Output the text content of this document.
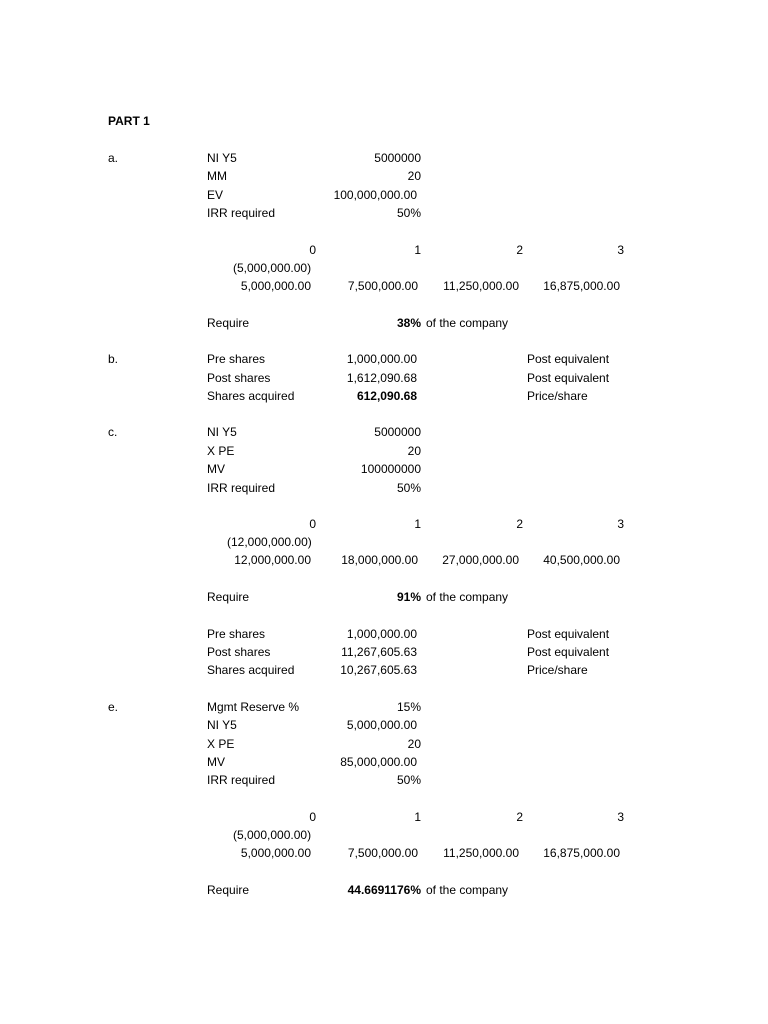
PART 1
a.	NI Y5	5000000
MM	20
EV	100,000,000.00
IRR required	50%
0	1	2	3
(5,000,000.00)
5,000,000.00	7,500,000.00	11,250,000.00	16,875,000.00
Require	38% of the company
b.	Pre shares	1,000,000.00	Post equivalent
Post shares	1,612,090.68	Post equivalent
Shares acquired	612,090.68	Price/share
c.	NI Y5	5000000
X PE	20
MV	100000000
IRR required	50%
0	1	2	3
(12,000,000.00)
12,000,000.00	18,000,000.00	27,000,000.00	40,500,000.00
Require	91% of the company
Pre shares	1,000,000.00	Post equivalent
Post shares	11,267,605.63	Post equivalent
Shares acquired	10,267,605.63	Price/share
e.	Mgmt Reserve %	15%
NI Y5	5,000,000.00
X PE	20
MV	85,000,000.00
IRR required	50%
0	1	2	3
(5,000,000.00)
5,000,000.00	7,500,000.00	11,250,000.00	16,875,000.00
Require	44.6691176% of the company
